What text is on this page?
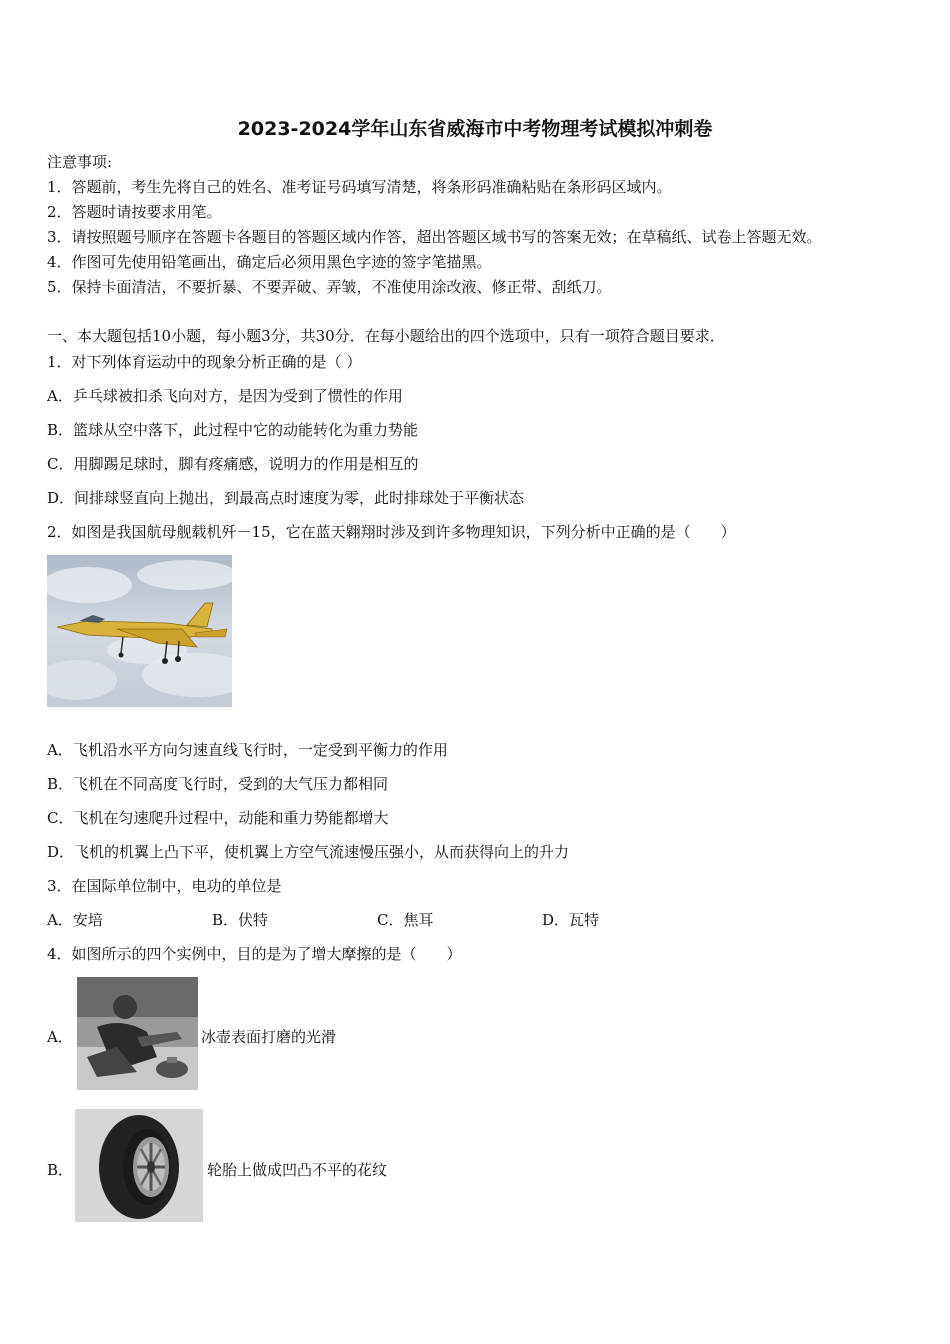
2023-2024学年山东省威海市中考物理考试模拟冲刺卷
注意事项:
1．答题前，考生先将自己的姓名、准考证号码填写清楚，将条形码准确粘贴在条形码区域内。
2．答题时请按要求用笔。
3．请按照题号顺序在答题卡各题目的答题区域内作答，超出答题区域书写的答案无效；在草稿纸、试卷上答题无效。
4．作图可先使用铅笔画出，确定后必须用黑色字迹的签字笔描黑。
5．保持卡面清洁，不要折暴、不要弄破、弄皱，不准使用涂改液、修正带、刮纸刀。
一、本大题包括10小题，每小题3分，共30分．在每小题给出的四个选项中，只有一项符合题目要求．
1．对下列体育运动中的现象分析正确的是（ ）
A．乒乓球被扣杀飞向对方，是因为受到了惯性的作用
B．篮球从空中落下，此过程中它的动能转化为重力势能
C．用脚踢足球时，脚有疼痛感，说明力的作用是相互的
D．间排球竖直向上抛出，到最高点时速度为零，此时排球处于平衡状态
2．如图是我国航母舰载机歼－15，它在蓝天翱翔时涉及到许多物理知识，下列分析中正确的是（　　）
A．飞机沿水平方向匀速直线飞行时，一定受到平衡力的作用
B．飞机在不同高度飞行时，受到的大气压力都相同
C．飞机在匀速爬升过程中，动能和重力势能都增大
D．飞机的机翼上凸下平，使机翼上方空气流速慢压强小，从而获得向上的升力
3．在国际单位制中，电功的单位是
A．安培	B．伏特	C．焦耳	D．瓦特
4．如图所示的四个实例中，目的是为了增大摩擦的是（　　）
A．	冰壶表面打磨的光滑
B．	轮胎上做成凹凸不平的花纹
